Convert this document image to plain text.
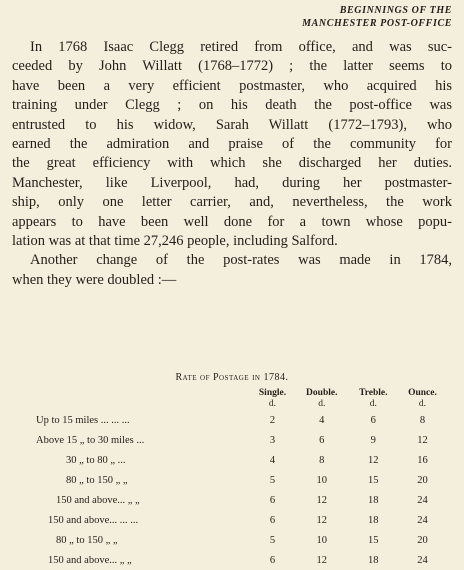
BEGINNINGS OF THE
MANCHESTER POST-OFFICE
In 1768 Isaac Clegg retired from office, and was suc-
ceeded by John Willatt (1768–1772) ; the latter seems to
have been a very efficient postmaster, who acquired his
training under Clegg ; on his death the post-office was
entrusted to his widow, Sarah Willatt (1772–1793), who
earned the admiration and praise of the community for
the great efficiency with which she discharged her duties.
Manchester, like Liverpool, had, during her postmaster-
ship, only one letter carrier, and, nevertheless, the work
appears to have been well done for a town whose popu-
lation was at that time 27,246 people, including Salford.
Another change of the post-rates was made in 1784,
when they were doubled :—
Rate of Postage in 1784.
	Single.	Double.	Treble.	Ounce.
	d.	d.	d.	d.
Up to 15 miles ... ... ...	2	4	6	8
Above 15 „ to 30 miles ...	3	6	9	12
30 „ to 80 „ ...	4	8	12	16
80 „ to 150 „ „	5	10	15	20
150 and above... „ „	6	12	18	24
150 and above... ... ...	6	12	18	24
80 „ to 150 „ „	5	10	15	20
150 and above... „ „	6	12	18	24
